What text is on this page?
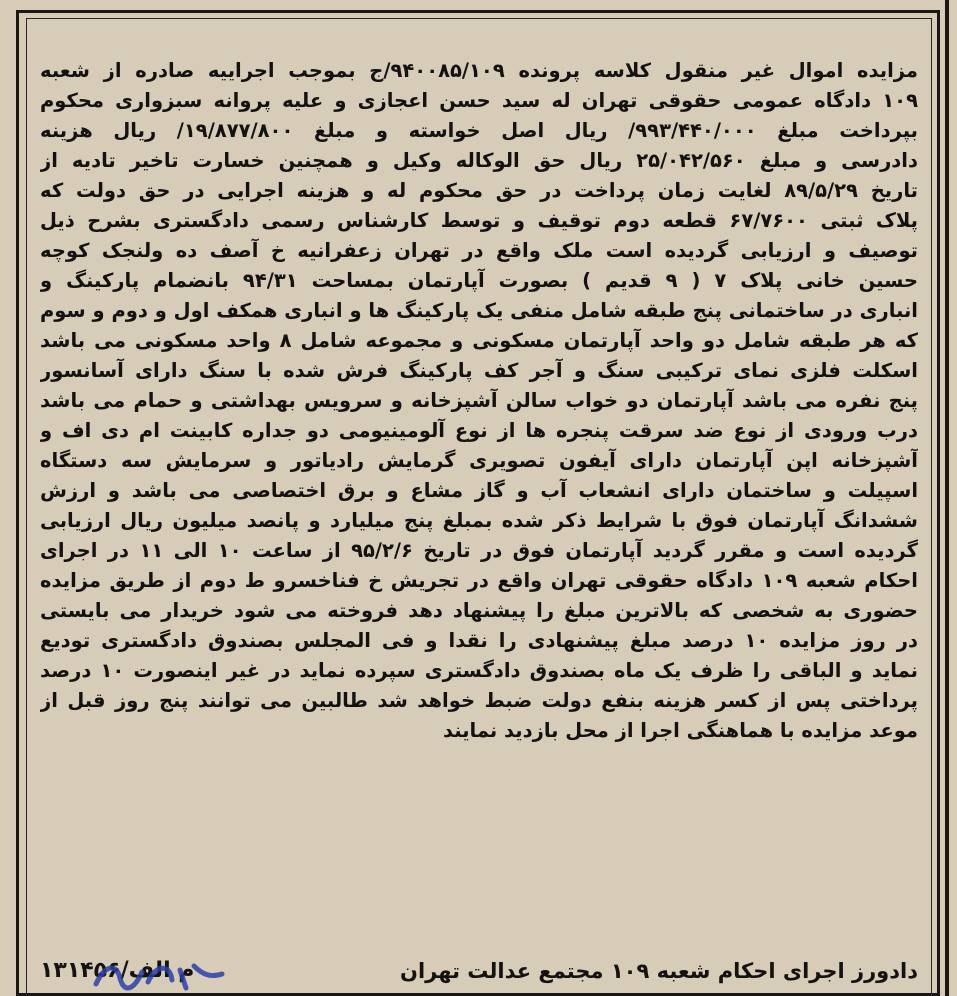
مزایده اموال غیر منقول کلاسه پرونده ۹۴۰۰۸۵/۱۰۹/ج بموجب اجراییه صادره از شعبه
۱۰۹ دادگاه عمومی حقوقی تهران له سید حسن اعجازی و علیه پروانه سبزواری محکوم
بپرداخت مبلغ ۹۹۳/۴۴۰/۰۰۰/ ریال اصل خواسته و مبلغ ۱۹/۸۷۷/۸۰۰/ ریال هزینه
دادرسی و مبلغ ۲۵/۰۴۲/۵۶۰ ریال حق الوکاله وکیل و همچنین خسارت تاخیر تادیه از
تاریخ ۸۹/۵/۲۹ لغایت زمان پرداخت در حق محکوم له و هزینه اجرایی در حق دولت که
پلاک ثبتی ۶۷/۷۶۰۰ قطعه دوم توقیف و توسط کارشناس رسمی دادگستری بشرح ذیل
توصیف و ارزیابی گردیده است ملک واقع در تهران زعفرانیه خ آصف ده ولنجک کوچه
حسین خانی پلاک ۷ ( ۹ قدیم ) بصورت آپارتمان بمساحت ۹۴/۳۱ بانضمام پارکینگ و
انباری در ساختمانی پنج طبقه شامل منفی یک پارکینگ ها و انباری همکف اول و دوم و سوم
که هر طبقه شامل دو واحد آپارتمان مسکونی و مجموعه شامل ۸ واحد مسکونی می باشد
اسکلت فلزی نمای ترکیبی سنگ و آجر کف پارکینگ فرش شده با سنگ دارای آسانسور
پنج نفره می باشد آپارتمان دو خواب سالن آشپزخانه و سرویس بهداشتی و حمام می باشد
درب ورودی از نوع ضد سرقت پنجره ها از نوع آلومینیومی دو جداره کابینت ام دی اف و
آشپزخانه اپن آپارتمان دارای آیفون تصویری گرمایش رادیاتور و سرمایش سه دستگاه
اسپیلت و ساختمان دارای انشعاب آب و گاز مشاع و برق اختصاصی می باشد و ارزش
ششدانگ آپارتمان فوق با شرایط ذکر شده بمبلغ پنج میلیارد و پانصد میلیون ریال ارزیابی
گردیده است و مقرر گردید آپارتمان فوق در تاریخ ۹۵/۲/۶ از ساعت ۱۰ الی ۱۱ در اجرای
احکام شعبه ۱۰۹ دادگاه حقوقی تهران واقع در تجریش خ فناخسرو ط دوم از طریق مزایده
حضوری به شخصی که بالاترین مبلغ را پیشنهاد دهد فروخته می شود خریدار می بایستی
در روز مزایده ۱۰ درصد مبلغ پیشنهادی را نقدا و فی المجلس بصندوق دادگستری تودیع
نماید و الباقی را ظرف یک ماه بصندوق دادگستری سپرده نماید در غیر اینصورت ۱۰ درصد
پرداختی پس از کسر هزینه بنفع دولت ضبط خواهد شد طالبین می توانند پنج روز قبل از
موعد مزایده با هماهنگی اجرا از محل بازدید نمایند
دادورز اجرای احکام شعبه ۱۰۹ مجتمع عدالت تهران
۱۳۱۴۵۶/م الف
